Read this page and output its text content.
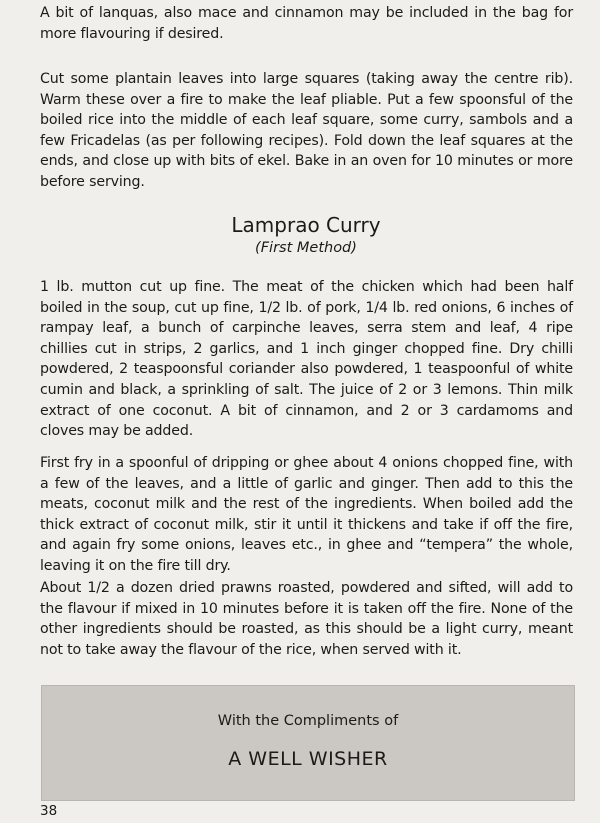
A bit of lanquas, also mace and cinnamon may be included in the bag for more flavouring if desired.

Cut some plantain leaves into large squares (taking away the centre rib). Warm these over a fire to make the leaf pliable. Put a few spoonsful of the boiled rice into the middle of each leaf square, some curry, sambols and a few Fricadelas (as per following recipes). Fold down the leaf squares at the ends, and close up with bits of ekel. Bake in an oven for 10 minutes or more before serving.

Lamprao Curry

(First Method)

1 lb. mutton cut up fine. The meat of the chicken which had been half boiled in the soup, cut up fine, 1/2 lb. of pork, 1/4 lb. red onions, 6 inches of rampay leaf, a bunch of carpinche leaves, serra stem and leaf, 4 ripe chillies cut in strips, 2 garlics, and 1 inch ginger chopped fine. Dry chilli powdered, 2 teaspoonsful coriander also powdered, 1 teaspoonful of white cumin and black, a sprinkling of salt. The juice of 2 or 3 lemons. Thin milk extract of one coconut. A bit of cinnamon, and 2 or 3 cardamoms and cloves may be added.

First fry in a spoonful of dripping or ghee about 4 onions chopped fine, with a few of the leaves, and a little of garlic and ginger. Then add to this the meats, coconut milk and the rest of the ingredients. When boiled add the thick extract of coconut milk, stir it until it thickens and take if off the fire, and again fry some onions, leaves etc., in ghee and “tempera” the whole, leaving it on the fire till dry.

About 1/2 a dozen dried prawns roasted, powdered and sifted, will add to the flavour if mixed in 10 minutes before it is taken off the fire. None of the other ingredients should be roasted, as this should be a light curry, meant not to take away the flavour of the rice, when served with it.

With the Compliments of

A WELL WISHER

38
